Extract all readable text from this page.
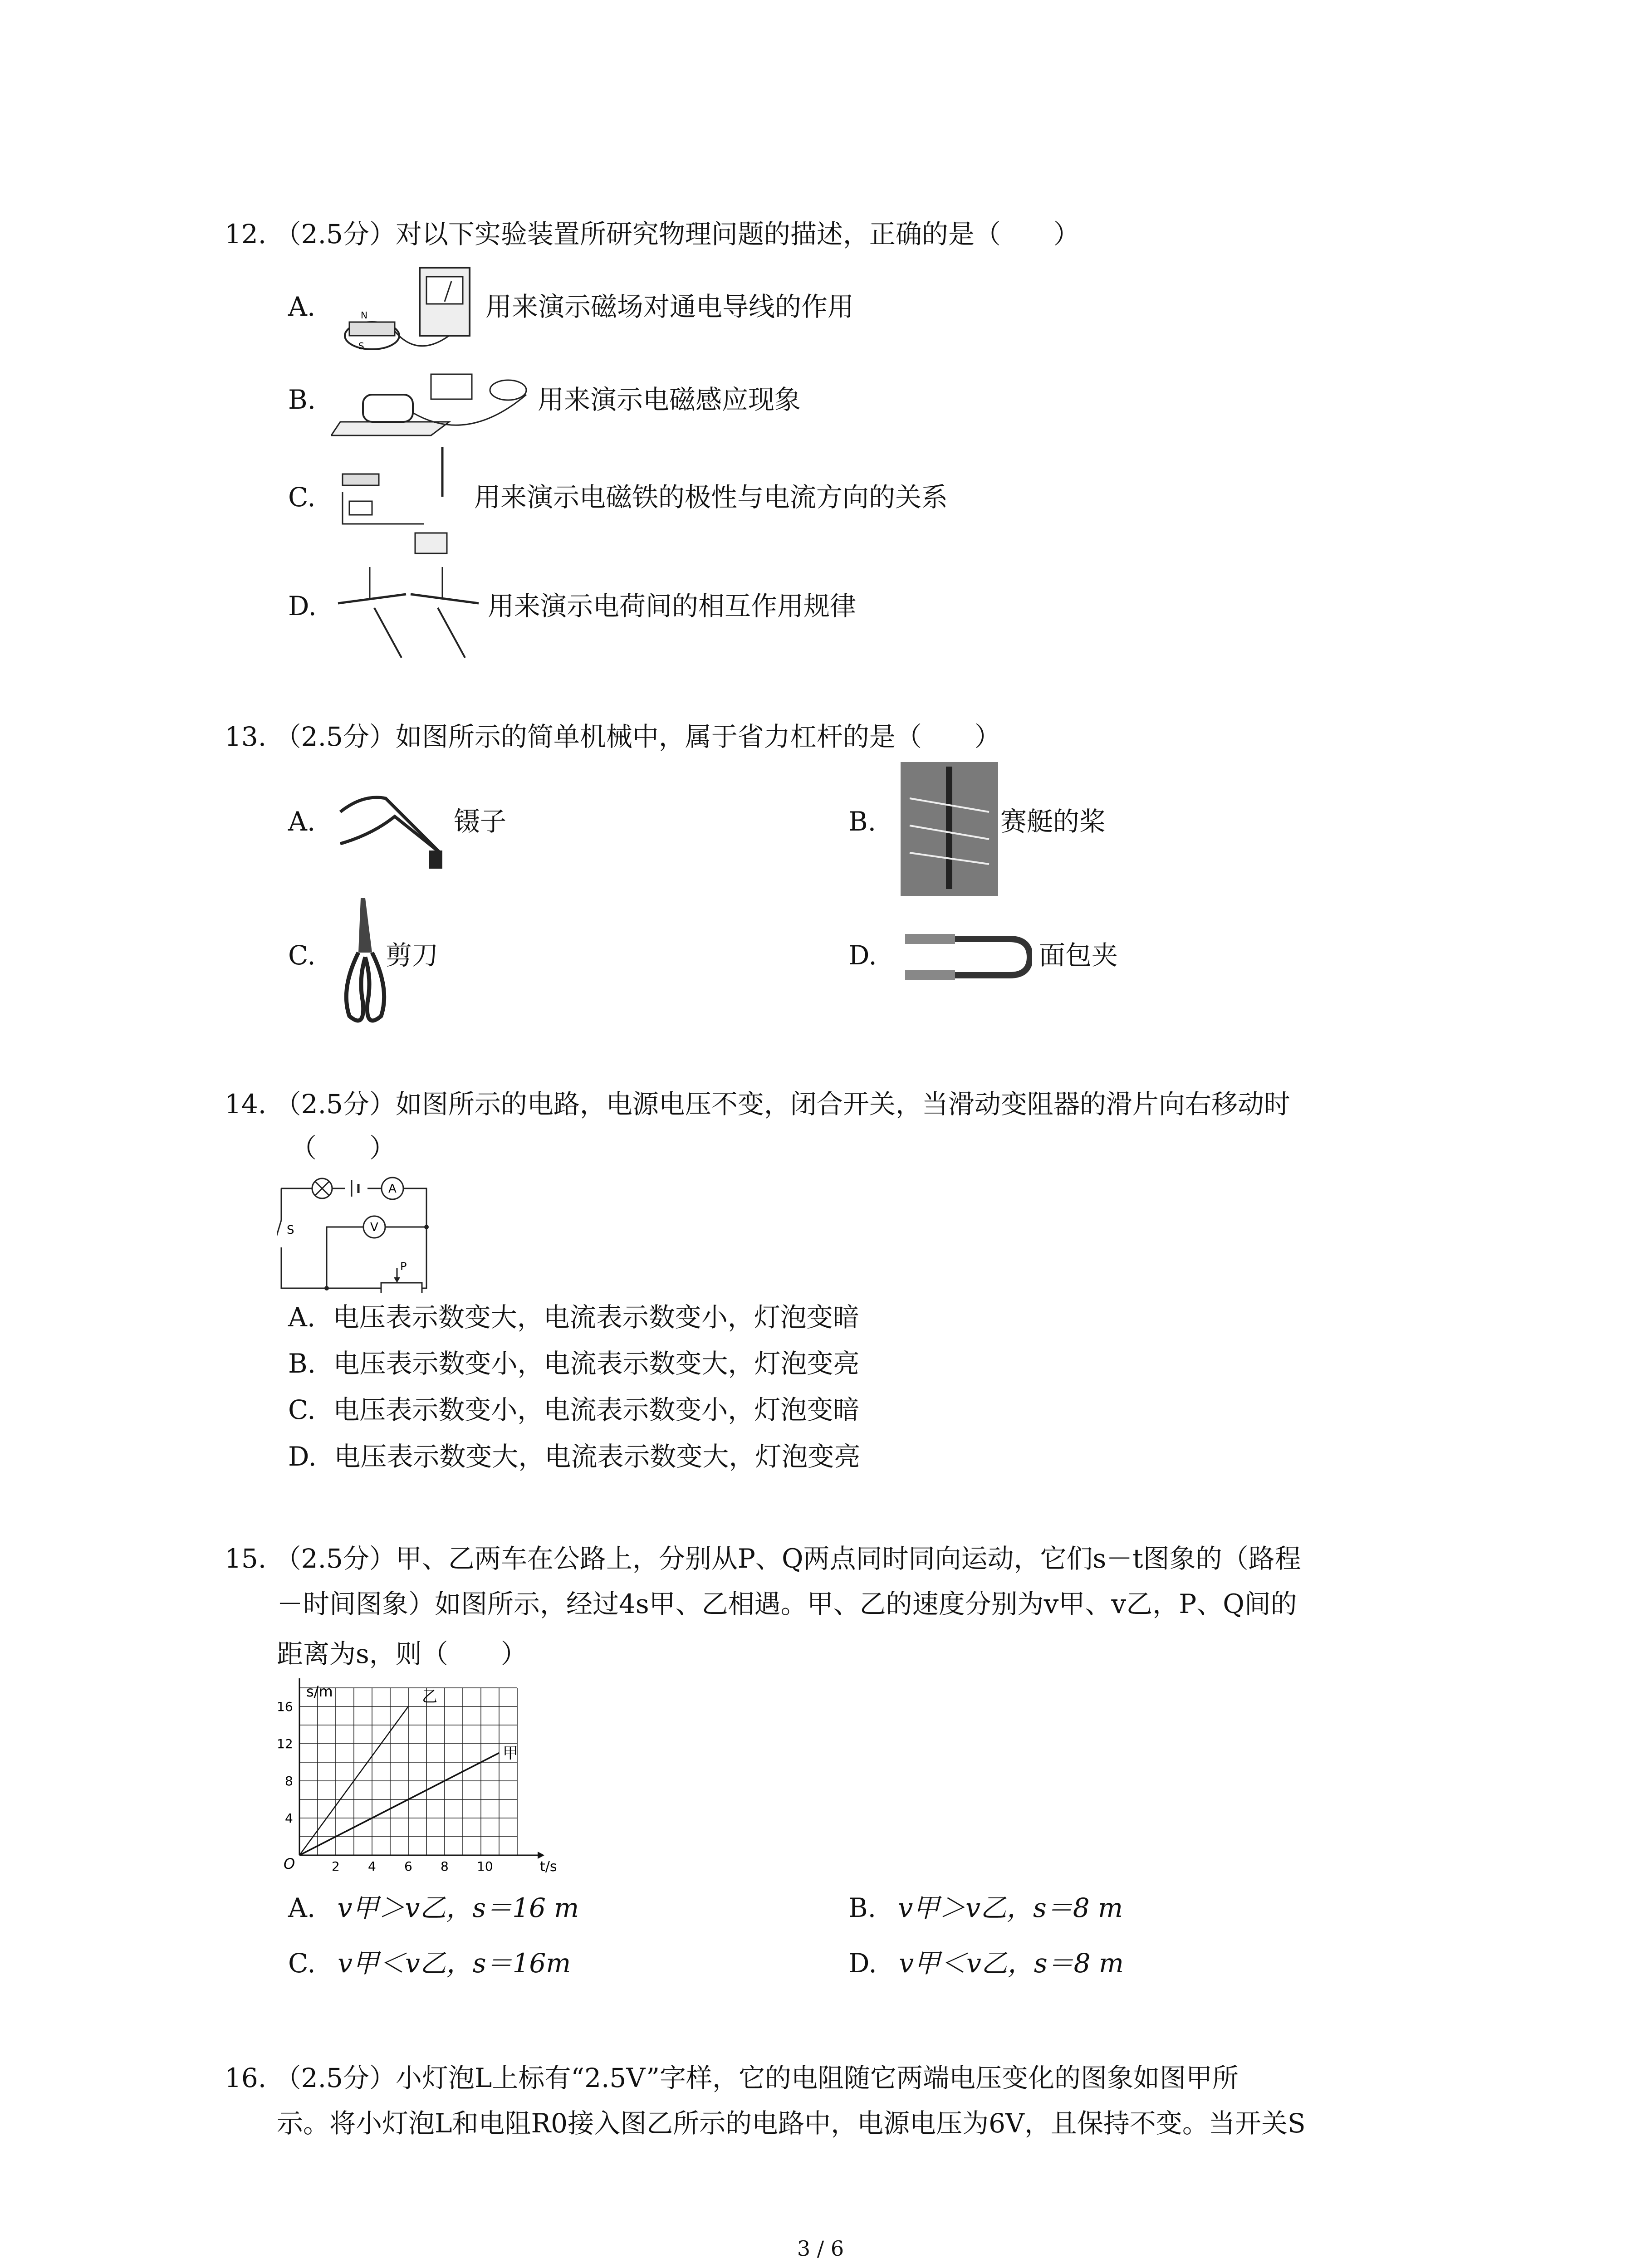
12. （2.5分）对以下实验装置所研究物理问题的描述，正确的是（　　）
A.	N
S
用来演示磁场对通电导线的作用
B.	用来演示电磁感应现象
C.	用来演示电磁铁的极性与电流方向的关系
D.	用来演示电荷间的相互作用规律
13. （2.5分）如图所示的简单机械中，属于省力杠杆的是（　　）
A.	镊子	B.	赛艇的桨
C.	剪刀	D.	面包夹
14. （2.5分）如图所示的电路，电源电压不变，闭合开关，当滑动变阻器的滑片向右移动时
（　　）
A
S	V
P
A. 电压表示数变大，电流表示数变小，灯泡变暗
B. 电压表示数变小，电流表示数变大，灯泡变亮
C. 电压表示数变小，电流表示数变小，灯泡变暗
D. 电压表示数变大，电流表示数变大，灯泡变亮
15. （2.5分）甲、乙两车在公路上，分别从P、Q两点同时同向运动，它们s－t图象的（路程
－时间图象）如图所示，经过4s甲、乙相遇。甲、乙的速度分别为v甲、v乙，P、Q间的
距离为s，则（　　）
2 4 6 8 10
4
8
12
16
乙
甲
s/m
t/s
O
A. v甲＞v乙，s＝16 m	B. v甲＞v乙，s＝8 m
C. v甲＜v乙，s＝16m	D. v甲＜v乙，s＝8 m
16. （2.5分）小灯泡L上标有“2.5V”字样，它的电阻随它两端电压变化的图象如图甲所
示。将小灯泡L和电阻R0接入图乙所示的电路中，电源电压为6V，且保持不变。当开关S
3 / 6
